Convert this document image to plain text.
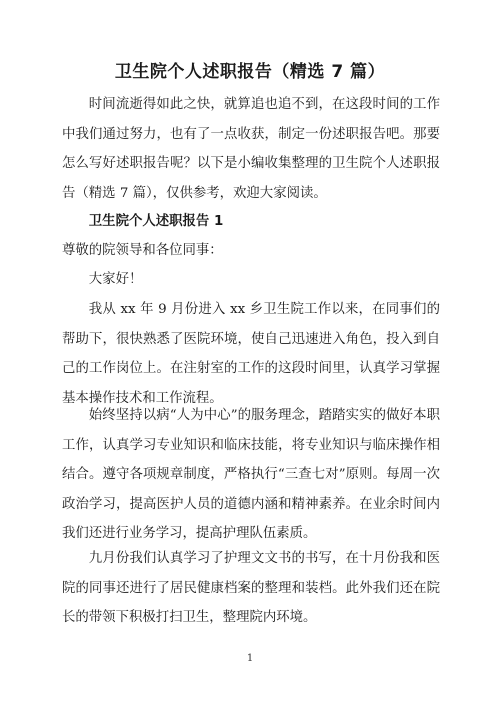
卫生院个人述职报告（精选 7 篇）

时间流逝得如此之快，就算追也追不到，在这段时间的工作中我们通过努力，也有了一点收获，制定一份述职报告吧。那要怎么写好述职报告呢？以下是小编收集整理的卫生院个人述职报告（精选 7 篇），仅供参考，欢迎大家阅读。

卫生院个人述职报告 1

尊敬的院领导和各位同事：

大家好！

我从 xx 年 9 月份进入 xx 乡卫生院工作以来，在同事们的帮助下，很快熟悉了医院环境，使自己迅速进入角色，投入到自己的工作岗位上。在注射室的工作的这段时间里，认真学习掌握基本操作技术和工作流程。

始终坚持以病“人为中心”的服务理念，踏踏实实的做好本职工作，认真学习专业知识和临床技能，将专业知识与临床操作相结合。遵守各项规章制度，严格执行“三查七对”原则。每周一次政治学习，提高医护人员的道德内涵和精神素养。在业余时间内我们还进行业务学习，提高护理队伍素质。

九月份我们认真学习了护理文文书的书写，在十月份我和医院的同事还进行了居民健康档案的整理和装档。此外我们还在院长的带领下积极打扫卫生，整理院内环境。

1
